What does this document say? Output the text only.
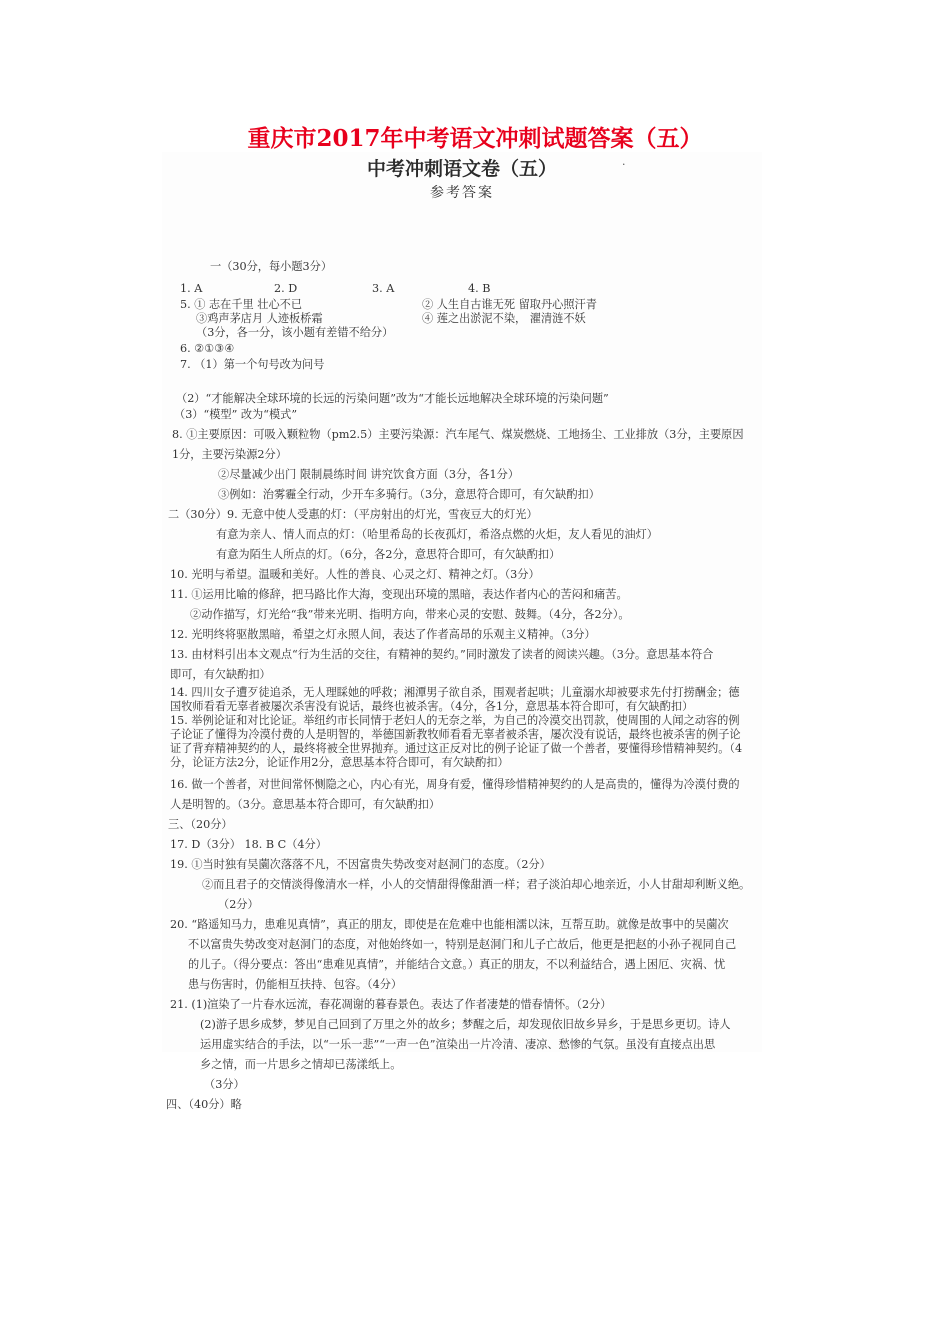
重庆市2017年中考语文冲刺试题答案（五）
中考冲刺语文卷（五）	·
参考答案
一（30分，每小题3分）
1. A	2. D	3. A	4. B
5. ① 志在千里 壮心不已	② 人生自古谁无死 留取丹心照汗青
③鸡声茅店月 人迹板桥霜	④ 莲之出淤泥不染， 濯清涟不妖
（3分，各一分，该小题有差错不给分）
6. ②①③④
7. （1）第一个句号改为问号
（2）“才能解决全球环境的长远的污染问题”改为“才能长远地解决全球环境的污染问题”
（3）“模型” 改为“模式”
8. ①主要原因：可吸入颗粒物（pm2.5）主要污染源：汽车尾气、煤炭燃烧、工地扬尘、工业排放（3分，主要原因
1分，主要污染源2分）
②尽量减少出门 限制晨练时间 讲究饮食方面（3分，各1分）
③例如：治雾霾全行动，少开车多骑行。（3分，意思符合即可，有欠缺酌扣）
二（30分）9. 无意中使人受惠的灯：（平房射出的灯光，雪夜豆大的灯光）
有意为亲人、情人而点的灯：（哈里希岛的长夜孤灯，希洛点燃的火炬，友人看见的油灯）
有意为陌生人所点的灯。（6分，各2分，意思符合即可，有欠缺酌扣）
10. 光明与希望。温暖和美好。人性的善良、心灵之灯、精神之灯。（3分）
11. ①运用比喻的修辞，把马路比作大海，变现出环境的黑暗，表达作者内心的苦闷和痛苦。
②动作描写，灯光给“我”带来光明、指明方向，带来心灵的安慰、鼓舞。（4分，各2分）。
12. 光明终将驱散黑暗，希望之灯永照人间，表达了作者高昂的乐观主义精神。（3分）
13. 由材料引出本文观点“行为生活的交往，有精神的契约。”同时激发了读者的阅读兴趣。（3分。意思基本符合
即可，有欠缺酌扣）
14. 四川女子遭歹徒追杀，无人理睬她的呼救；湘潭男子欲自杀，围观者起哄；儿童溺水却被要求先付打捞酬金；德
国牧师看看无辜者被屡次杀害没有说话，最终也被杀害。（4分，各1分，意思基本符合即可，有欠缺酌扣）
15. 举例论证和对比论证。举纽约市长同情于老妇人的无奈之举，为自己的冷漠交出罚款，使周围的人闻之动容的例
子论证了懂得为冷漠付费的人是明智的，举德国新教牧师看看无辜者被杀害，屡次没有说话，最终也被杀害的例子论
证了背弃精神契约的人，最终将被全世界抛弃。通过这正反对比的例子论证了做一个善者，要懂得珍惜精神契约。（4
分，论证方法2分，论证作用2分，意思基本符合即可，有欠缺酌扣）
16. 做一个善者，对世间常怀恻隐之心，内心有光，周身有爱，懂得珍惜精神契约的人是高贵的，懂得为冷漠付费的
人是明智的。（3分。意思基本符合即可，有欠缺酌扣）
三、（20分）
17. D（3分） 18. B C（4分）
19. ①当时独有吴薗次落落不凡，不因富贵失势改变对赵洞门的态度。（2分）
②而且君子的交情淡得像清水一样，小人的交情甜得像甜酒一样；君子淡泊却心地亲近，小人甘甜却利断义绝。
（2分）
20. “路遥知马力，患难见真情”，真正的朋友，即使是在危难中也能相濡以沫，互帮互助。就像是故事中的吴薗次
不以富贵失势改变对赵洞门的态度，对他始终如一，特别是赵洞门和儿子亡故后，他更是把赵的小孙子视同自己
的儿子。（得分要点：答出“患难见真情”，并能结合文意。）真正的朋友，不以利益结合，遇上困厄、灾祸、忧
患与伤害时，仍能相互扶持、包容。（4分）
21. (1)渲染了一片春水远流，春花凋谢的暮春景色。表达了作者凄楚的惜春情怀。（2分）
(2)游子思乡成梦，梦见自己回到了万里之外的故乡；梦醒之后，却发现依旧故乡异乡，于是思乡更切。诗人
运用虚实结合的手法，以“一乐一悲”“一声一色”渲染出一片冷清、凄凉、愁惨的气氛。虽没有直接点出思
乡之情，而一片思乡之情却已荡漾纸上。
（3分）
四、（40分）略
